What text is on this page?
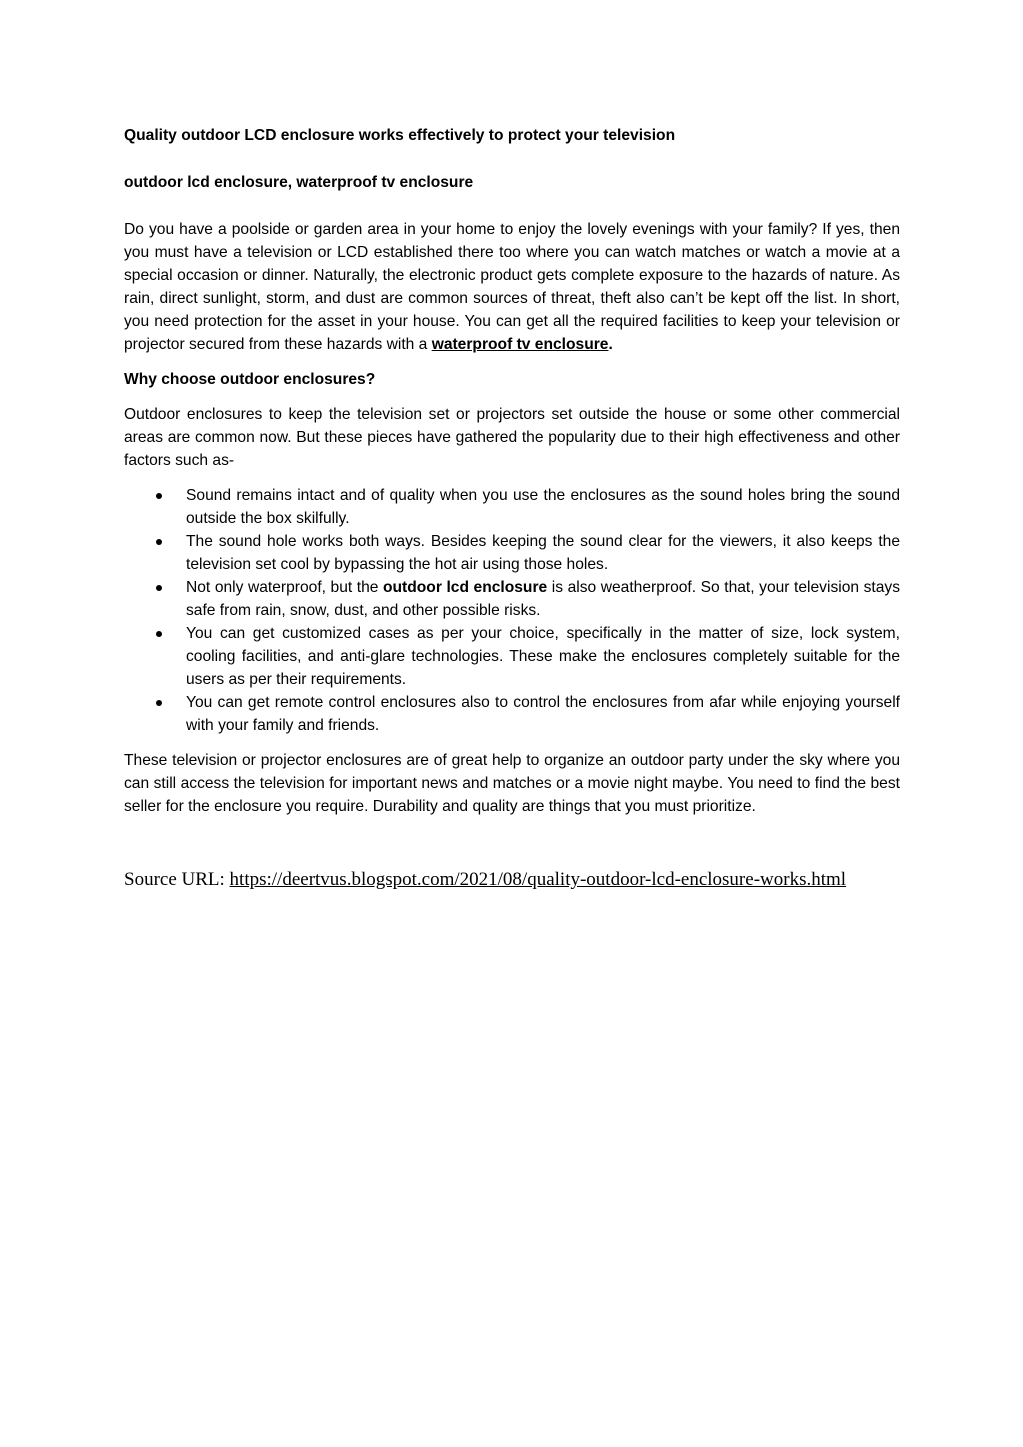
Quality outdoor LCD enclosure works effectively to protect your television
outdoor lcd enclosure, waterproof tv enclosure

Do you have a poolside or garden area in your home to enjoy the lovely evenings with your family? If yes, then you must have a television or LCD established there too where you can watch matches or watch a movie at a special occasion or dinner. Naturally, the electronic product gets complete exposure to the hazards of nature. As rain, direct sunlight, storm, and dust are common sources of threat, theft also can’t be kept off the list. In short, you need protection for the asset in your house. You can get all the required facilities to keep your television or projector secured from these hazards with a waterproof tv enclosure.

Why choose outdoor enclosures?

Outdoor enclosures to keep the television set or projectors set outside the house or some other commercial areas are common now. But these pieces have gathered the popularity due to their high effectiveness and other factors such as-

Sound remains intact and of quality when you use the enclosures as the sound holes bring the sound outside the box skilfully.
The sound hole works both ways. Besides keeping the sound clear for the viewers, it also keeps the television set cool by bypassing the hot air using those holes.
Not only waterproof, but the outdoor lcd enclosure is also weatherproof. So that, your television stays safe from rain, snow, dust, and other possible risks.
You can get customized cases as per your choice, specifically in the matter of size, lock system, cooling facilities, and anti-glare technologies. These make the enclosures completely suitable for the users as per their requirements.
You can get remote control enclosures also to control the enclosures from afar while enjoying yourself with your family and friends.

These television or projector enclosures are of great help to organize an outdoor party under the sky where you can still access the television for important news and matches or a movie night maybe. You need to find the best seller for the enclosure you require. Durability and quality are things that you must prioritize.

Source URL: https://deertvus.blogspot.com/2021/08/quality-outdoor-lcd-enclosure-works.html
